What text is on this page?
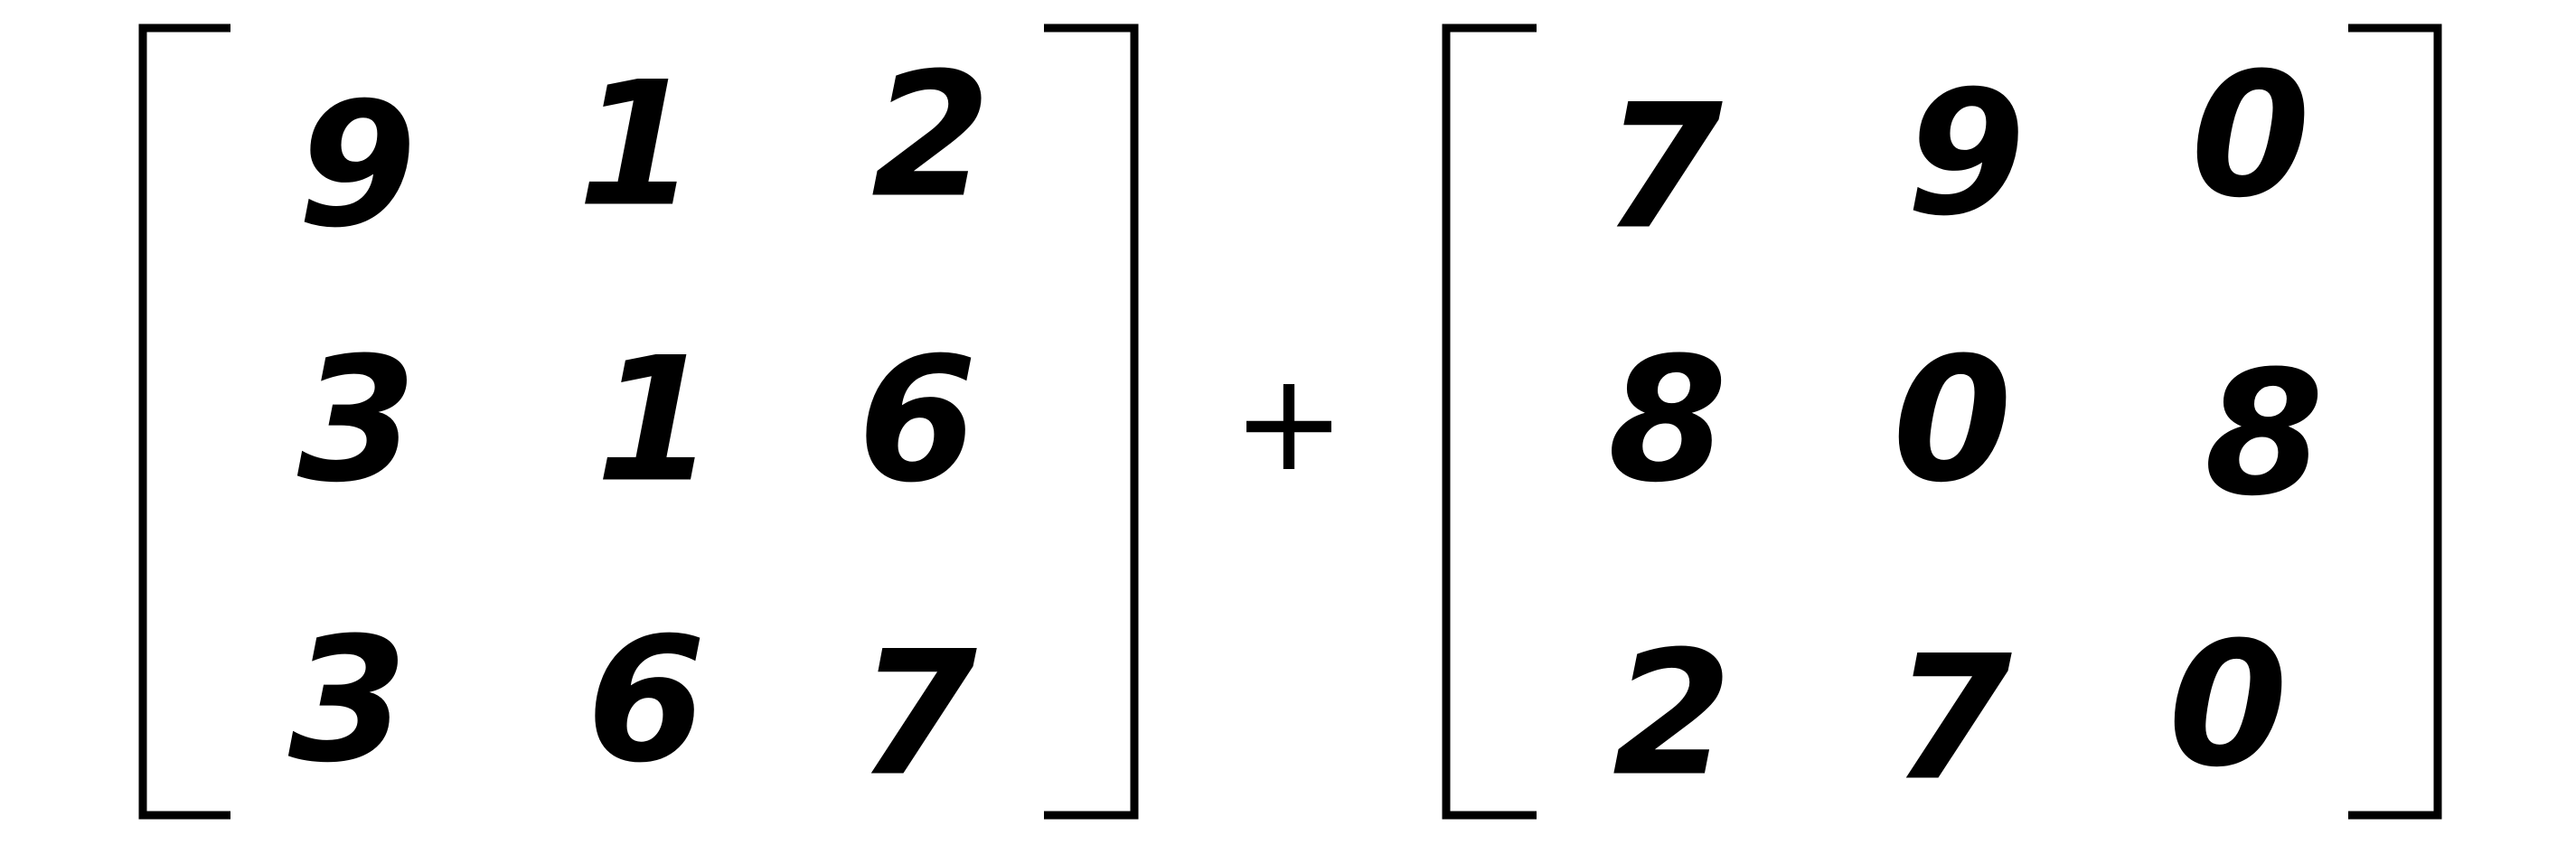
+
9 1 2
3 1 6
3 6 7
7 9 0
8 0 8
2 7 0
